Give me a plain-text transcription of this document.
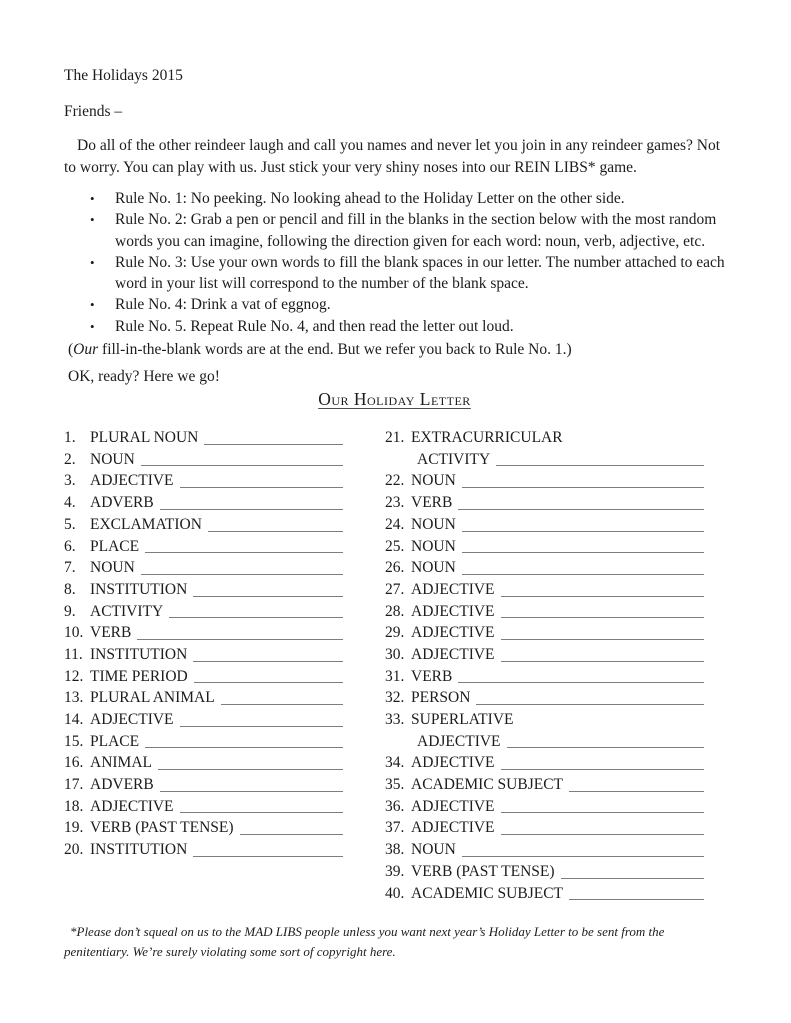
The Holidays 2015

Friends –

Do all of the other reindeer laugh and call you names and never let you join in any reindeer games? Not to worry. You can play with us. Just stick your very shiny noses into our REIN LIBS* game.

• Rule No. 1: No peeking. No looking ahead to the Holiday Letter on the other side.
• Rule No. 2: Grab a pen or pencil and fill in the blanks in the section below with the most random words you can imagine, following the direction given for each word: noun, verb, adjective, etc.
• Rule No. 3: Use your own words to fill the blank spaces in our letter. The number attached to each word in your list will correspond to the number of the blank space.
• Rule No. 4: Drink a vat of eggnog.
• Rule No. 5. Repeat Rule No. 4, and then read the letter out loud.

(Our fill-in-the-blank words are at the end. But we refer you back to Rule No. 1.)

OK, ready? Here we go!

Our Holiday Letter
1. PLURAL NOUN
2. NOUN
3. ADJECTIVE
4. ADVERB
5. EXCLAMATION
6. PLACE
7. NOUN
8. INSTITUTION
9. ACTIVITY
10. VERB
11. INSTITUTION
12. TIME PERIOD
13. PLURAL ANIMAL
14. ADJECTIVE
15. PLACE
16. ANIMAL
17. ADVERB
18. ADJECTIVE
19. VERB (PAST TENSE)
20. INSTITUTION
21. EXTRACURRICULAR
ACTIVITY
22. NOUN
23. VERB
24. NOUN
25. NOUN
26. NOUN
27. ADJECTIVE
28. ADJECTIVE
29. ADJECTIVE
30. ADJECTIVE
31. VERB
32. PERSON
33. SUPERLATIVE
ADJECTIVE
34. ADJECTIVE
35. ACADEMIC SUBJECT
36. ADJECTIVE
37. ADJECTIVE
38. NOUN
39. VERB (PAST TENSE)
40. ACADEMIC SUBJECT

*Please don’t squeal on us to the MAD LIBS people unless you want next year’s Holiday Letter to be sent from the penitentiary. We’re surely violating some sort of copyright here.
